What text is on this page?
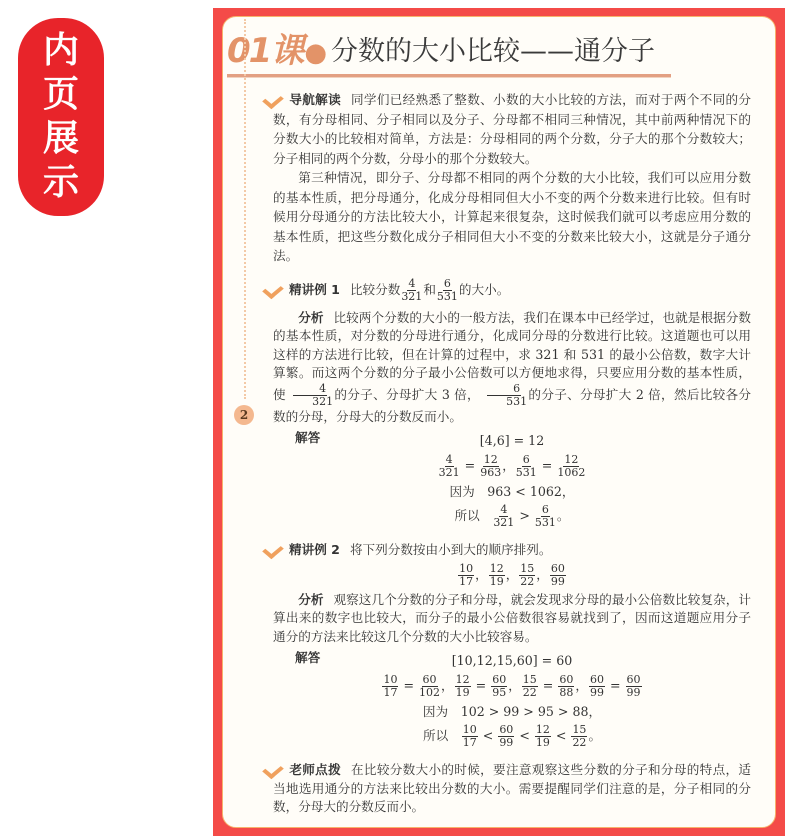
内页展示
2
01课 ● 分数的大小比较——通分子

导航解读 同学们已经熟悉了整数、小数的大小比较的方法，而对于两个不同的分数，有分母相同、分子相同以及分子、分母都不相同三种情况，其中前两种情况下的分数大小的比较相对简单，方法是：分母相同的两个分数，分子大的那个分数较大；分子相同的两个分数，分母小的那个分数较大。

第三种情况，即分子、分母都不相同的两个分数的大小比较，我们可以应用分数的基本性质，把分母通分，化成分母相同但大小不变的两个分数来进行比较。但有时候用分母通分的方法比较大小，计算起来很复杂，这时候我们就可以考虑应用分数的基本性质，把这些分数化成分子相同但大小不变的分数来比较大小，这就是分子通分法。

精讲例 1 比较分数 $\frac{4}{321}$ 和 $\frac{6}{531}$ 的大小。

分析 比较两个分数的大小的一般方法，我们在课本中已经学过，也就是根据分数的基本性质，对分数的分母进行通分，化成同分母的分数进行比较。这道题也可以用这样的方法进行比较，但在计算的过程中，求 321 和 531 的最小公倍数，数字大计算繁。而这两个分数的分子最小公倍数可以方便地求得，只要应用分数的基本性质，使 $\frac{4}{321}$ 的分子、分母扩大 3 倍， $\frac{6}{531}$ 的分子、分母扩大 2 倍，然后比较各分数的分母，分母大的分数反而小。

解答	[4,6] = 12
$\frac{4}{321} = \frac{12}{963}$ ， $\frac{6}{531} = \frac{12}{1062}$
因为　963 < 1062，
所以　 $\frac{4}{321} > \frac{6}{531}$ 。

精讲例 2 将下列分数按由小到大的顺序排列。

$\frac{10}{17}$ ， $\frac{12}{19}$ ， $\frac{15}{22}$ ， $\frac{60}{99}$

分析 观察这几个分数的分子和分母，就会发现求分母的最小公倍数比较复杂，计算出来的数字也比较大，而分子的最小公倍数很容易就找到了，因而这道题应用分子通分的方法来比较这几个分数的大小比较容易。

解答	[10,12,15,60] = 60
$\frac{10}{17} = \frac{60}{102}$ ， $\frac{12}{19} = \frac{60}{95}$ ， $\frac{15}{22} = \frac{60}{88}$ ， $\frac{60}{99} = \frac{60}{99}$
因为　102 > 99 > 95 > 88，
所以　 $\frac{10}{17} < \frac{60}{99} < \frac{12}{19} < \frac{15}{22}$ 。

老师点拨 在比较分数大小的时候，要注意观察这些分数的分子和分母的特点，适当地选用通分的方法来比较出分数的大小。需要提醒同学们注意的是，分子相同的分数，分母大的分数反而小。
